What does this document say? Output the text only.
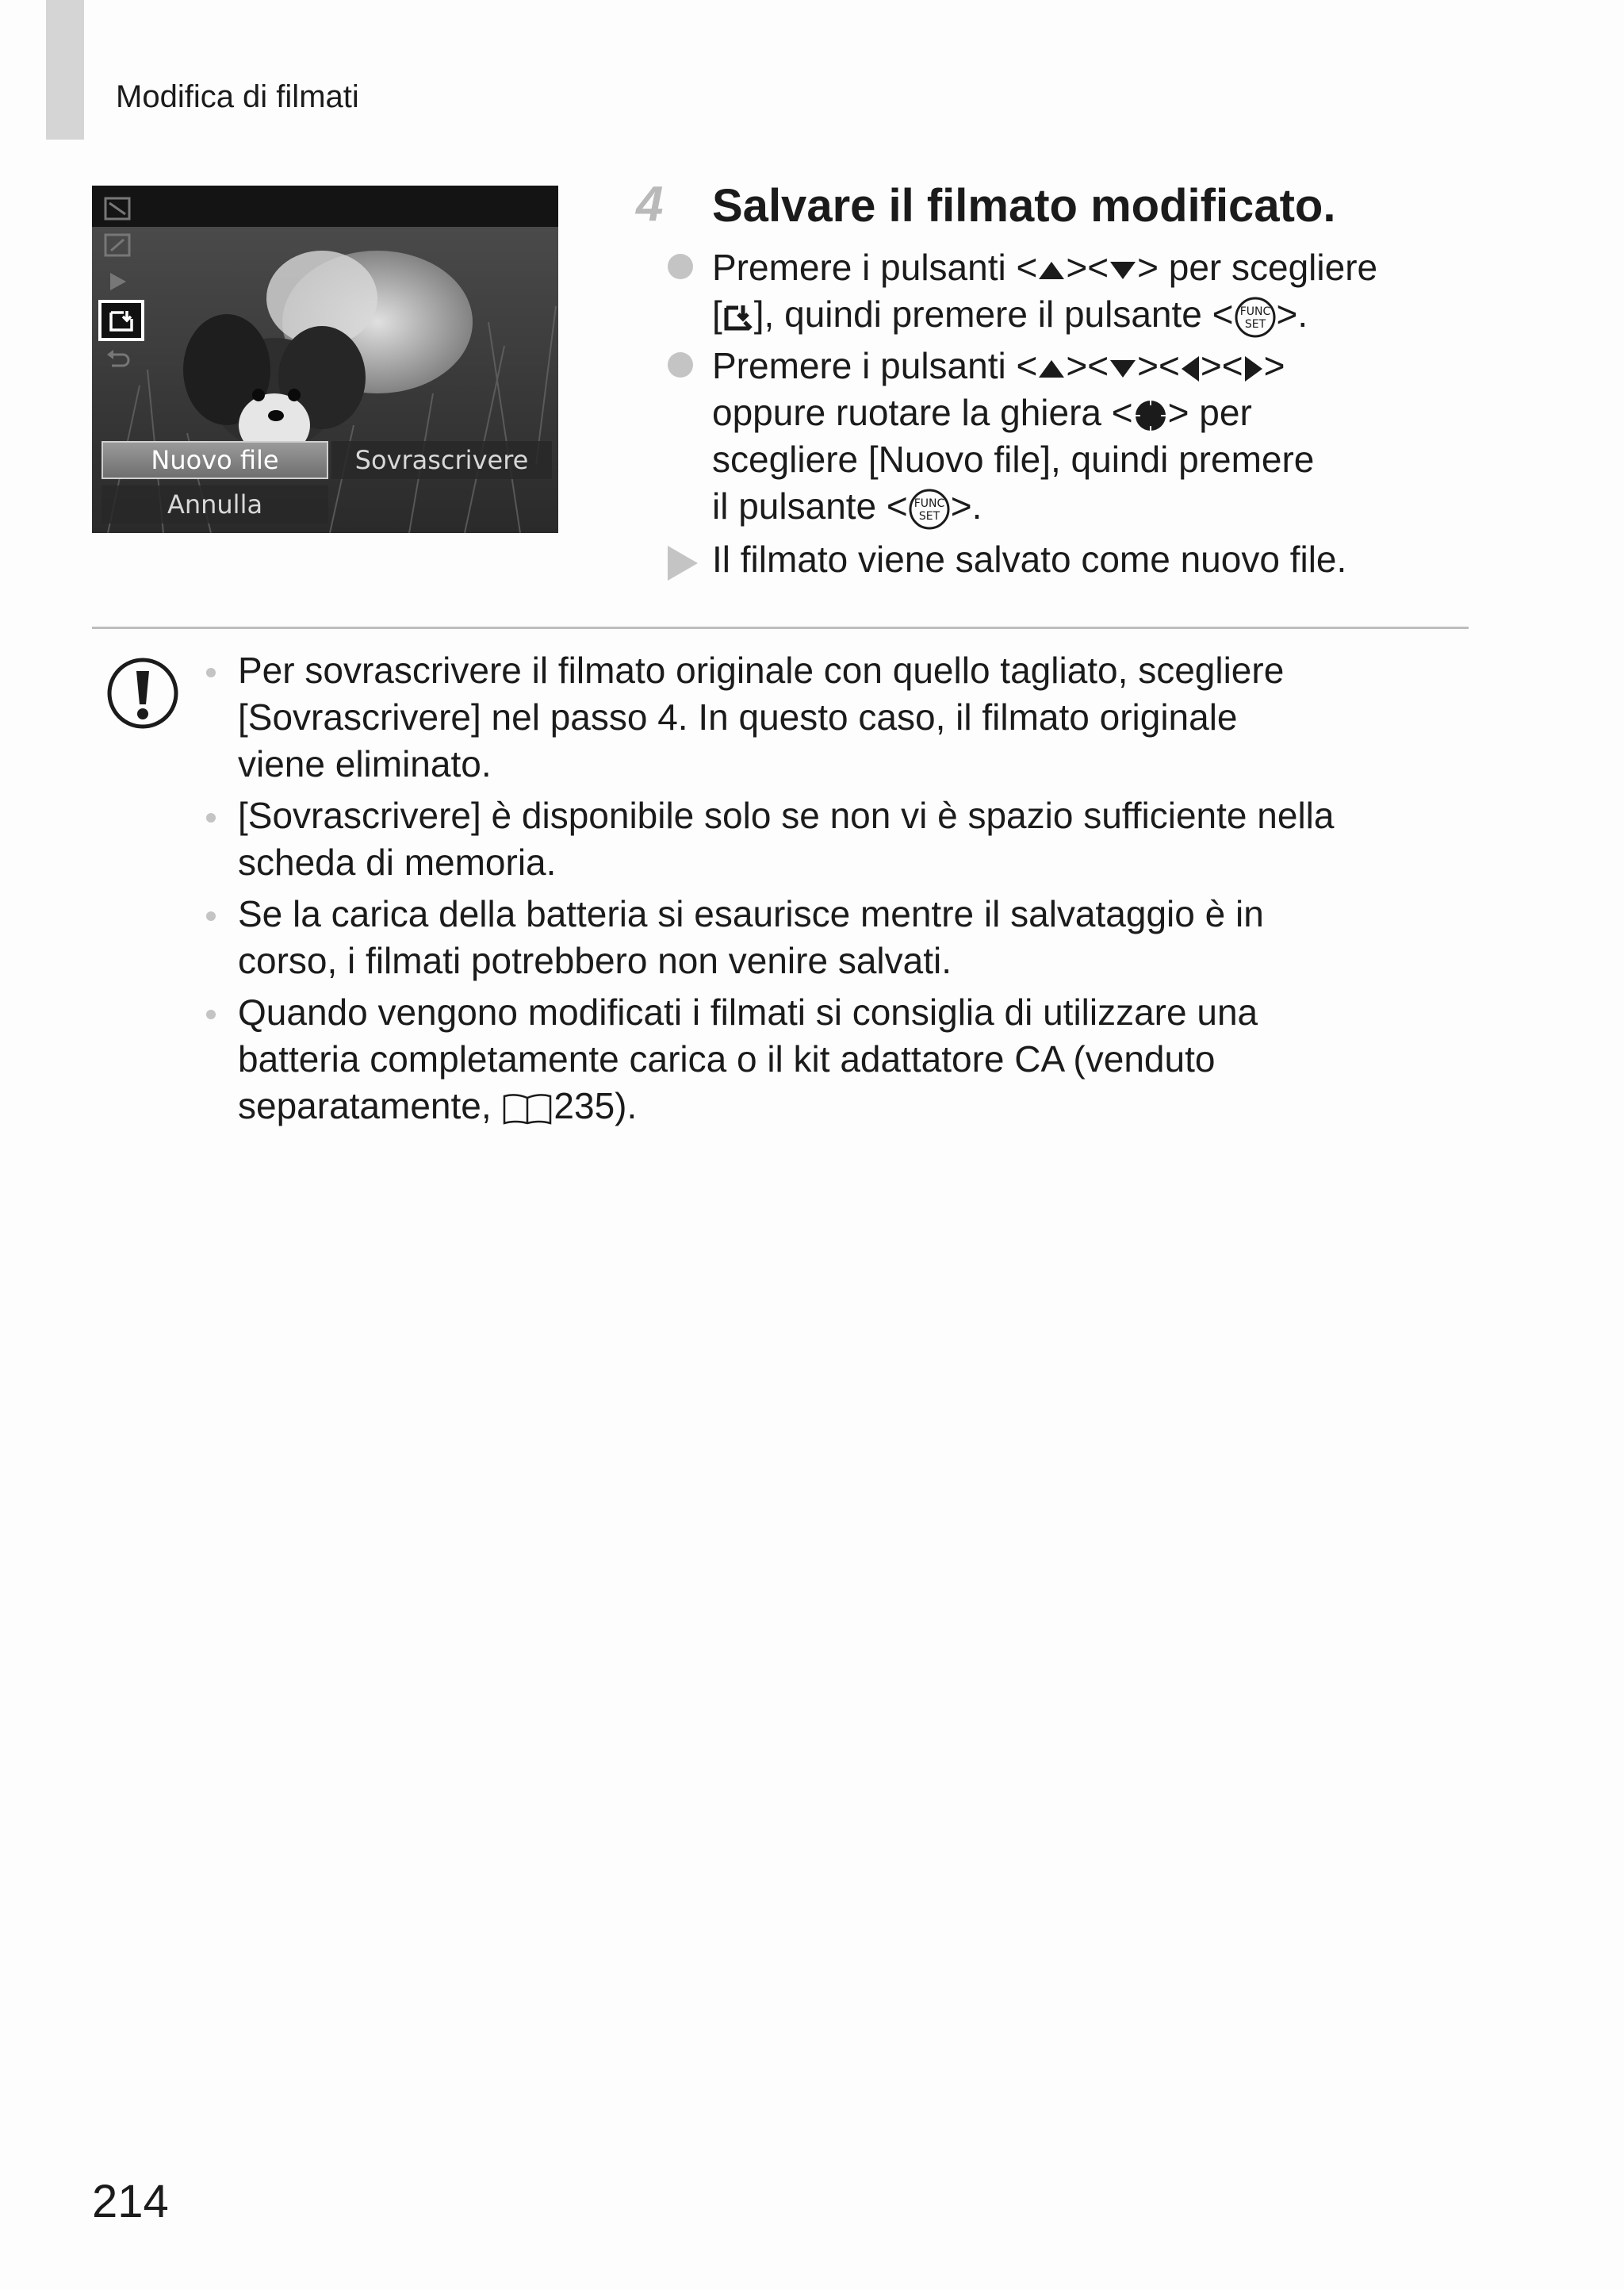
Modifica di filmati
Nuovo file	Sovrascrivere
Annulla
4 Salvare il filmato modificato.
Premere i pulsanti < >< > per scegliere
[ ], quindi premere il pulsante < FUNC
SET >.
Premere i pulsanti < >< >< >< >
oppure ruotare la ghiera < > per
scegliere [Nuovo file], quindi premere
il pulsante < FUNC
SET >.
Il filmato viene salvato come nuovo file.
Per sovrascrivere il filmato originale con quello tagliato, scegliere
[Sovrascrivere] nel passo 4. In questo caso, il filmato originale
viene eliminato.
[Sovrascrivere] è disponibile solo se non vi è spazio sufficiente nella
scheda di memoria.
Se la carica della batteria si esaurisce mentre il salvataggio è in
corso, i filmati potrebbero non venire salvati.
Quando vengono modificati i filmati si consiglia di utilizzare una
batteria completamente carica o il kit adattatore CA (venduto
separatamente, 235).
214
